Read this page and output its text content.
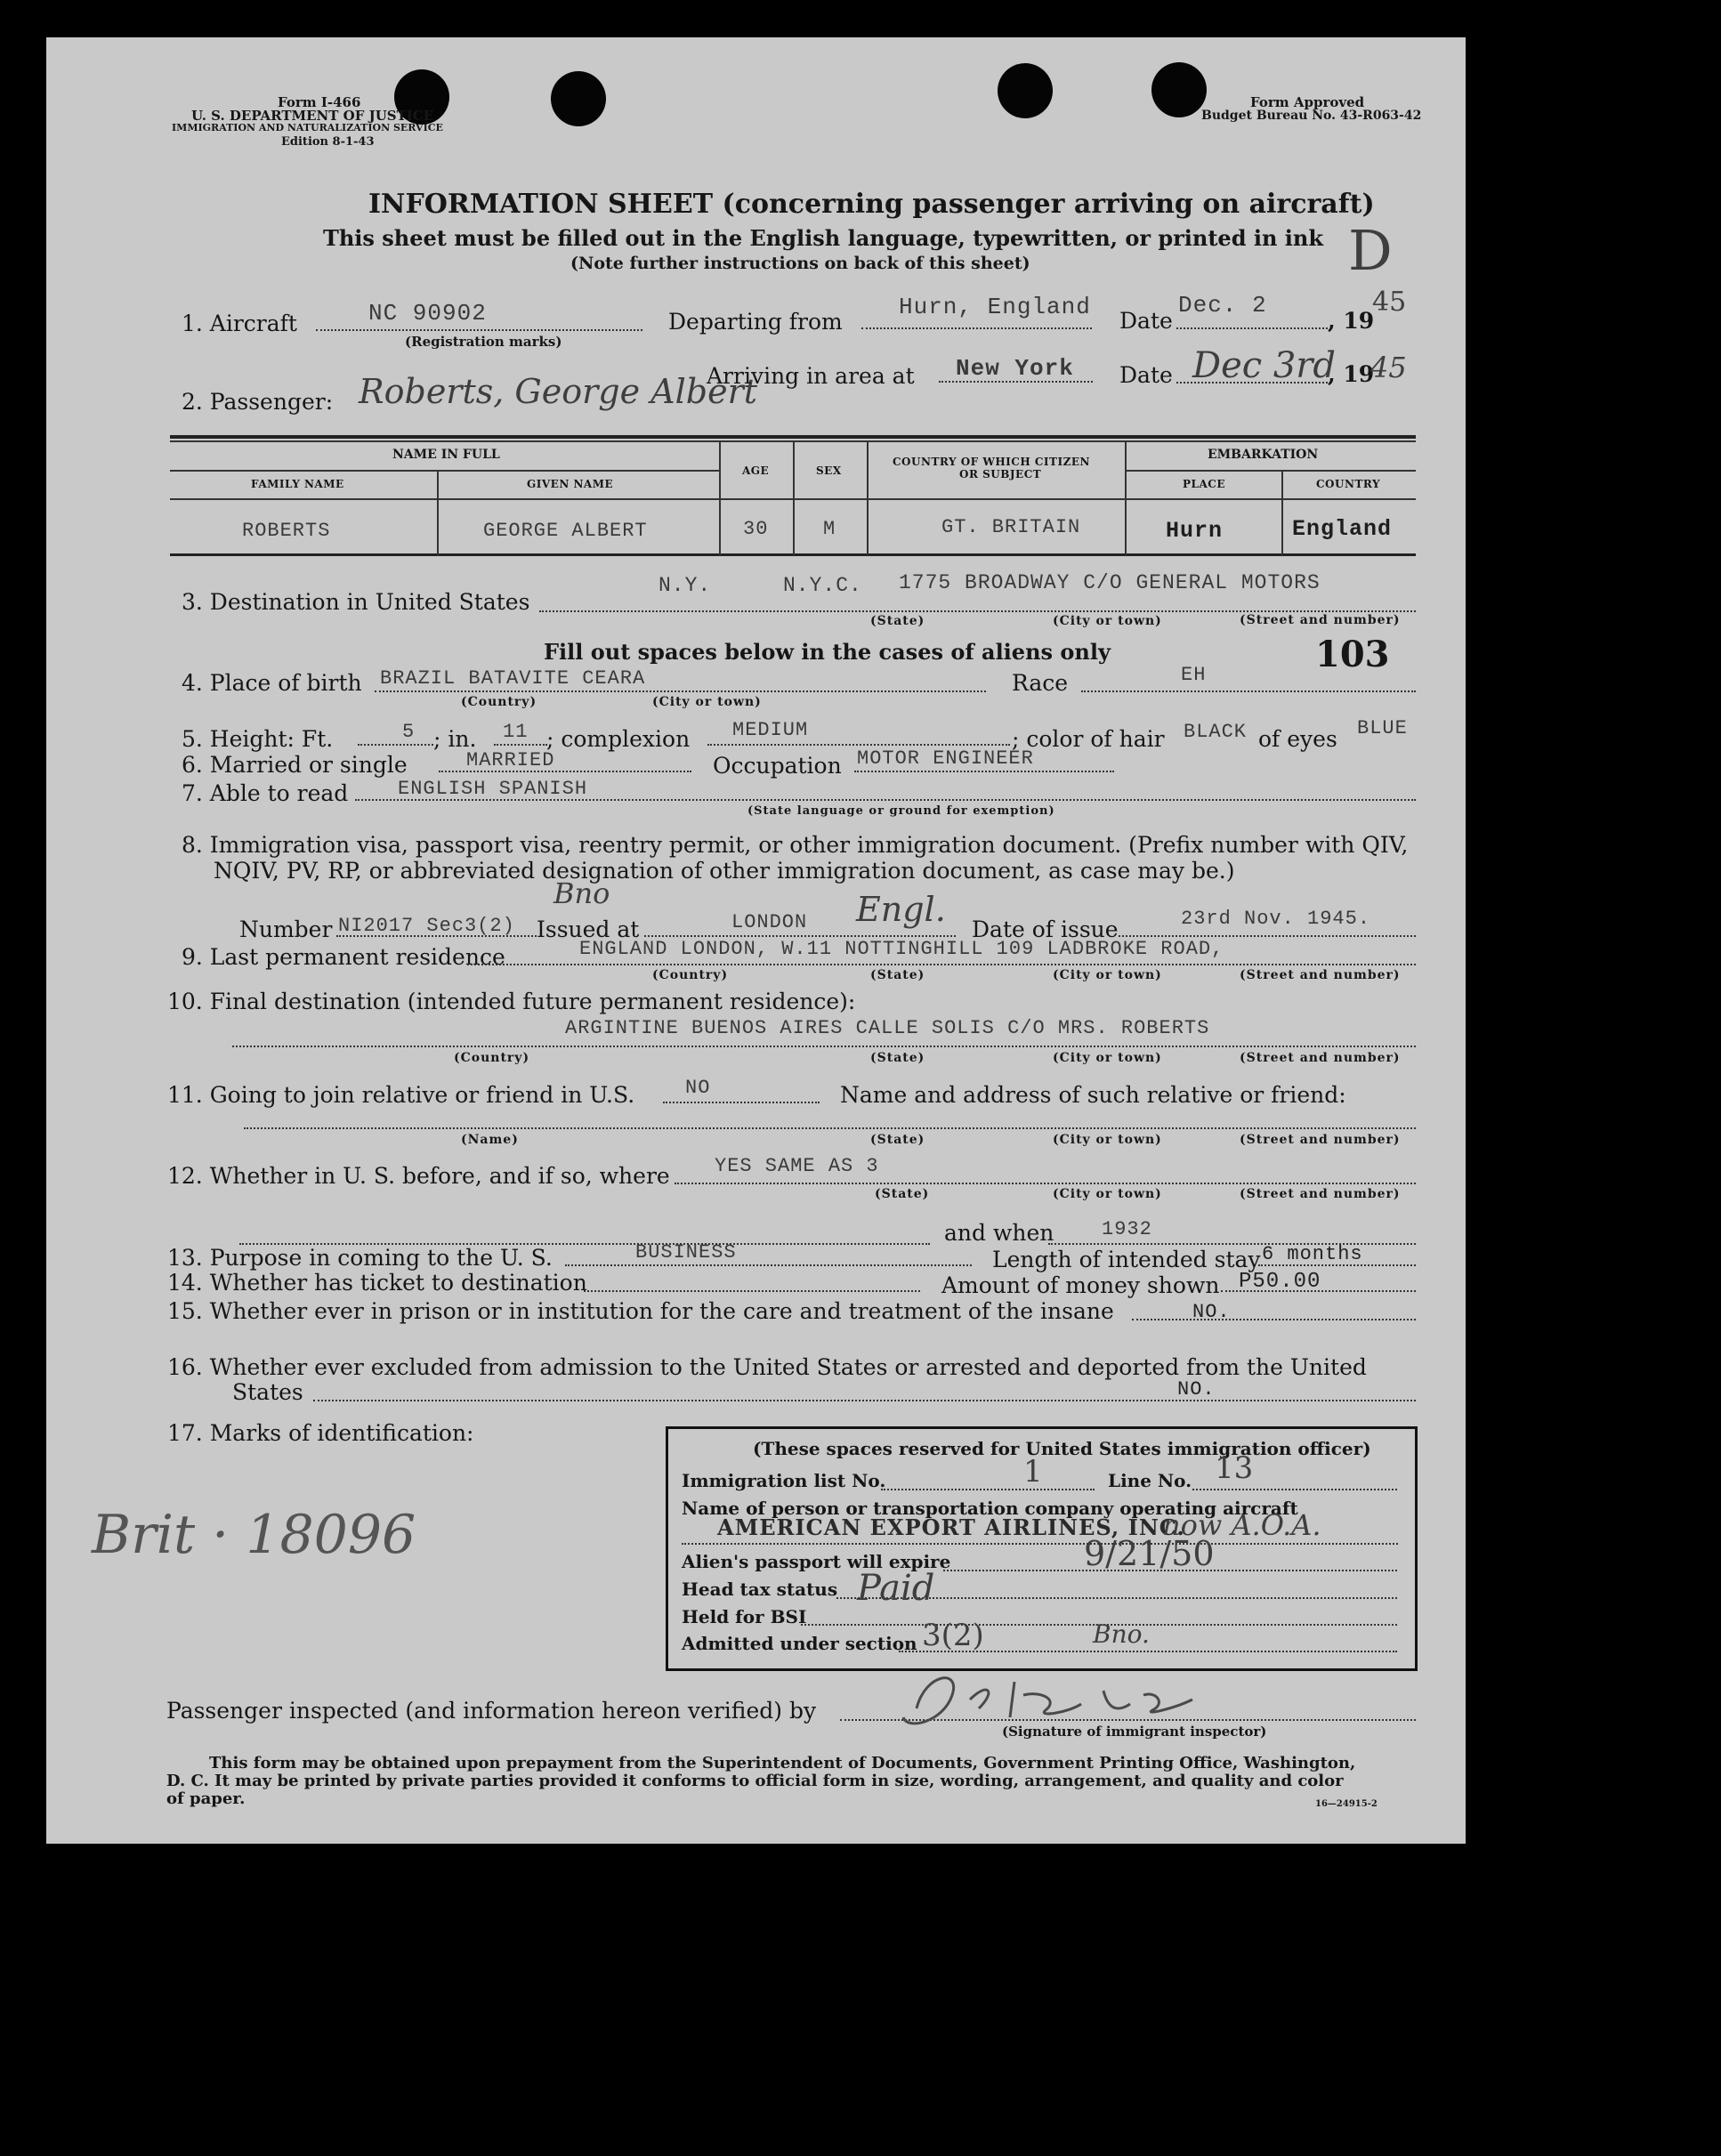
Form I-466
U. S. DEPARTMENT OF JUSTICE
IMMIGRATION AND NATURALIZATION SERVICE
Edition 8-1-43
Form Approved
Budget Bureau No. 43-R063-42
INFORMATION SHEET (concerning passenger arriving on aircraft)
This sheet must be filled out in the English language, typewritten, or printed in ink
(Note further instructions on back of this sheet)	D
1. Aircraft	NC 90902
(Registration marks)
Departing from
Hurn, England
Date
Dec. 2
, 19
45
2. Passenger: Roberts, George Albert
Arriving in area at New York Date Dec 3rd
, 19
45
NAME IN FULL
FAMILY NAME	GIVEN NAME
AGE	SEX
COUNTRY OF WHICH CITIZEN
OR SUBJECT
EMBARKATION
PLACE	COUNTRY
ROBERTS	GEORGE ALBERT	30	M	GT. BRITAIN	Hurn	England
3. Destination in United States
N.Y.	N.Y.C. 1775 BROADWAY C/O GENERAL MOTORS
(State)	(City or town)	(Street and number)
Fill out spaces below in the cases of aliens only	103
4. Place of birth BRAZIL BATAVITE CEARA
(Country)	(City or town)
Race	EH
5. Height: Ft.	5 ; in. 11 ; complexion MEDIUM	; color of hair BLACK of eyes BLUE
6. Married or single	MARRIED	Occupation MOTOR ENGINEER
7. Able to read	ENGLISH SPANISH
(State language or ground for exemption)
8. Immigration visa, passport visa, reentry permit, or other immigration document. (Prefix number with QIV,
NQIV, PV, RP, or abbreviated designation of other immigration document, as case may be.)
Number NI2017 Sec3(2)
Bno
Issued at	LONDON Engl.
Date of issue	23rd Nov. 1945.
9. Last permanent residence	ENGLAND LONDON, W.11 NOTTINGHILL 109 LADBROKE ROAD,
(Country)	(State)	(City or town)	(Street and number)
10. Final destination (intended future permanent residence):
ARGINTINE BUENOS AIRES CALLE SOLIS C/O MRS. ROBERTS
(Country)	(State)	(City or town)	(Street and number)
11. Going to join relative or friend in U.S.	NO	Name and address of such relative or friend:
(Name)	(State)	(City or town)	(Street and number)
12. Whether in U. S. before, and if so, where YES SAME AS 3
(State)	(City or town)	(Street and number)
and when 1932
13. Purpose in coming to the U. S.	BUSINESS	Length of intended stay 6 months
14. Whether has ticket to destination	Amount of money shown P50.00
15. Whether ever in prison or in institution for the care and treatment of the insane	NO.
16. Whether ever excluded from admission to the United States or arrested and deported from the United
States	NO.
17. Marks of identification:
Brit · 18096
(These spaces reserved for United States immigration officer)
Immigration list No.	1	Line No. 13
Name of person or transportation company operating aircraft
AMERICAN EXPORT AIRLINES, INC.
now A.O.A.
Alien's passport will expire	9/21/50
Head tax status Paid
Held for BSI
Admitted under section 3(2)	Bno.
Passenger inspected (and information hereon verified) by
(Signature of immigrant inspector)
This form may be obtained upon prepayment from the Superintendent of Documents, Government Printing Office, Washington,
D. C. It may be printed by private parties provided it conforms to official form in size, wording, arrangement, and quality and color
of paper.	16—24915-2
